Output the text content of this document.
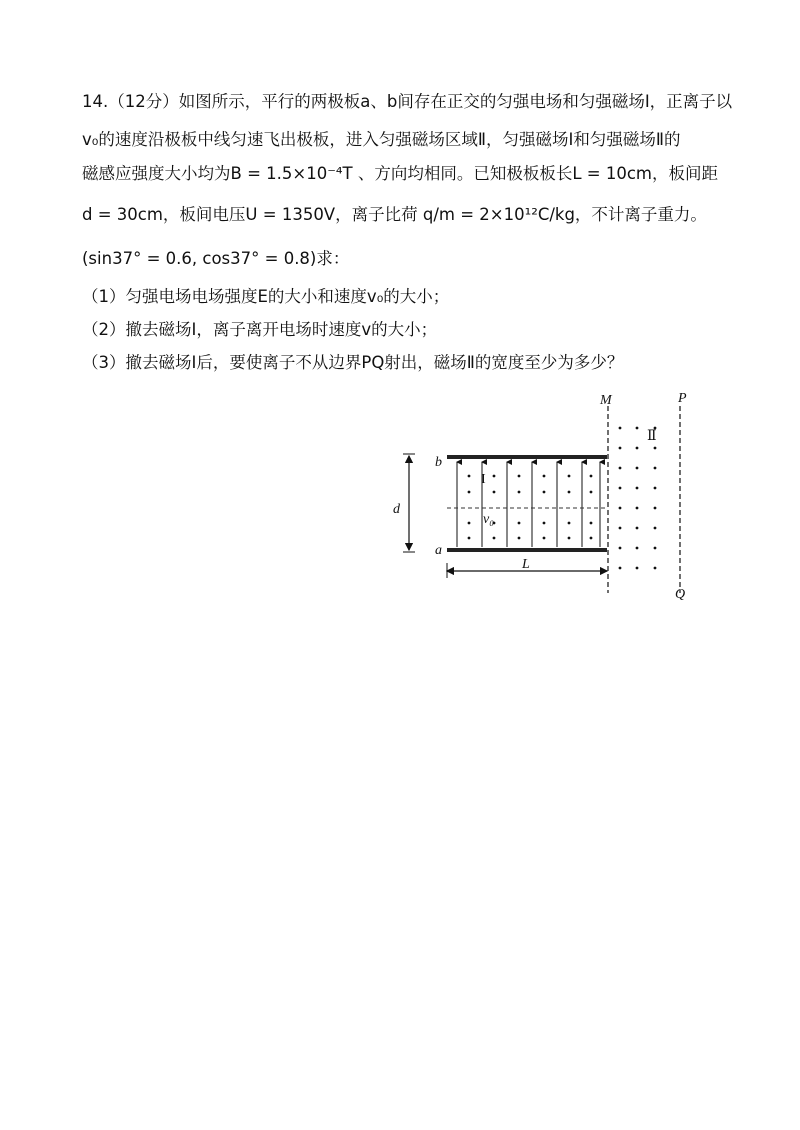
14.（12分）如图所示，平行的两极板a、b间存在正交的匀强电场和匀强磁场Ⅰ，正离子以
v₀的速度沿极板中线匀速飞出极板，进入匀强磁场区域Ⅱ，匀强磁场Ⅰ和匀强磁场Ⅱ的
磁感应强度大小均为B = 1.5×10⁻⁴T 、方向均相同。已知极板板长L = 10cm，板间距
d = 30cm，板间电压U = 1350V，离子比荷 q/m = 2×10¹²C/kg，不计离子重力。
(sin37° = 0.6, cos37° = 0.8)求：
（1）匀强电场电场强度E的大小和速度v₀的大小；
（2）撤去磁场Ⅰ，离子离开电场时速度v的大小；
（3）撤去磁场Ⅰ后，要使离子不从边界PQ射出，磁场Ⅱ的宽度至少为多少？
M	P
Q
Ⅱ
I
b
a
d
L
v₀
